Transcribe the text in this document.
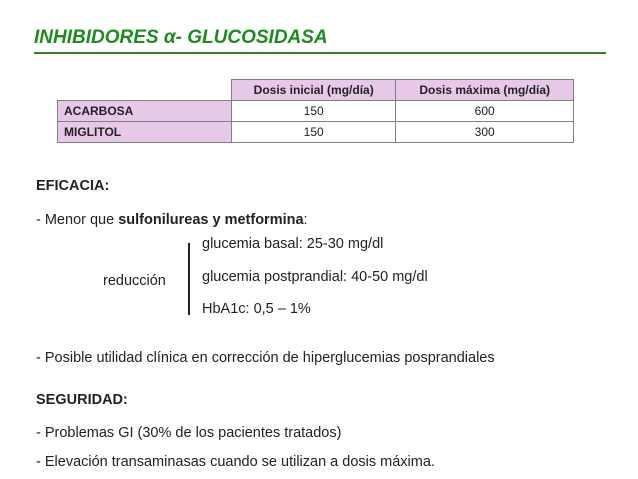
INHIBIDORES α- GLUCOSIDASA
	Dosis inicial (mg/día)	Dosis máxima (mg/día)
ACARBOSA	150	600
MIGLITOL	150	300
EFICACIA:
- Menor que sulfonilureas y metformina:
reducción
glucemia basal: 25-30 mg/dl
glucemia postprandial: 40-50 mg/dl
HbA1c: 0,5 – 1%
- Posible utilidad clínica en corrección de hiperglucemias posprandiales
SEGURIDAD:
- Problemas GI (30% de los pacientes tratados)
- Elevación transaminasas cuando se utilizan a dosis máxima.
